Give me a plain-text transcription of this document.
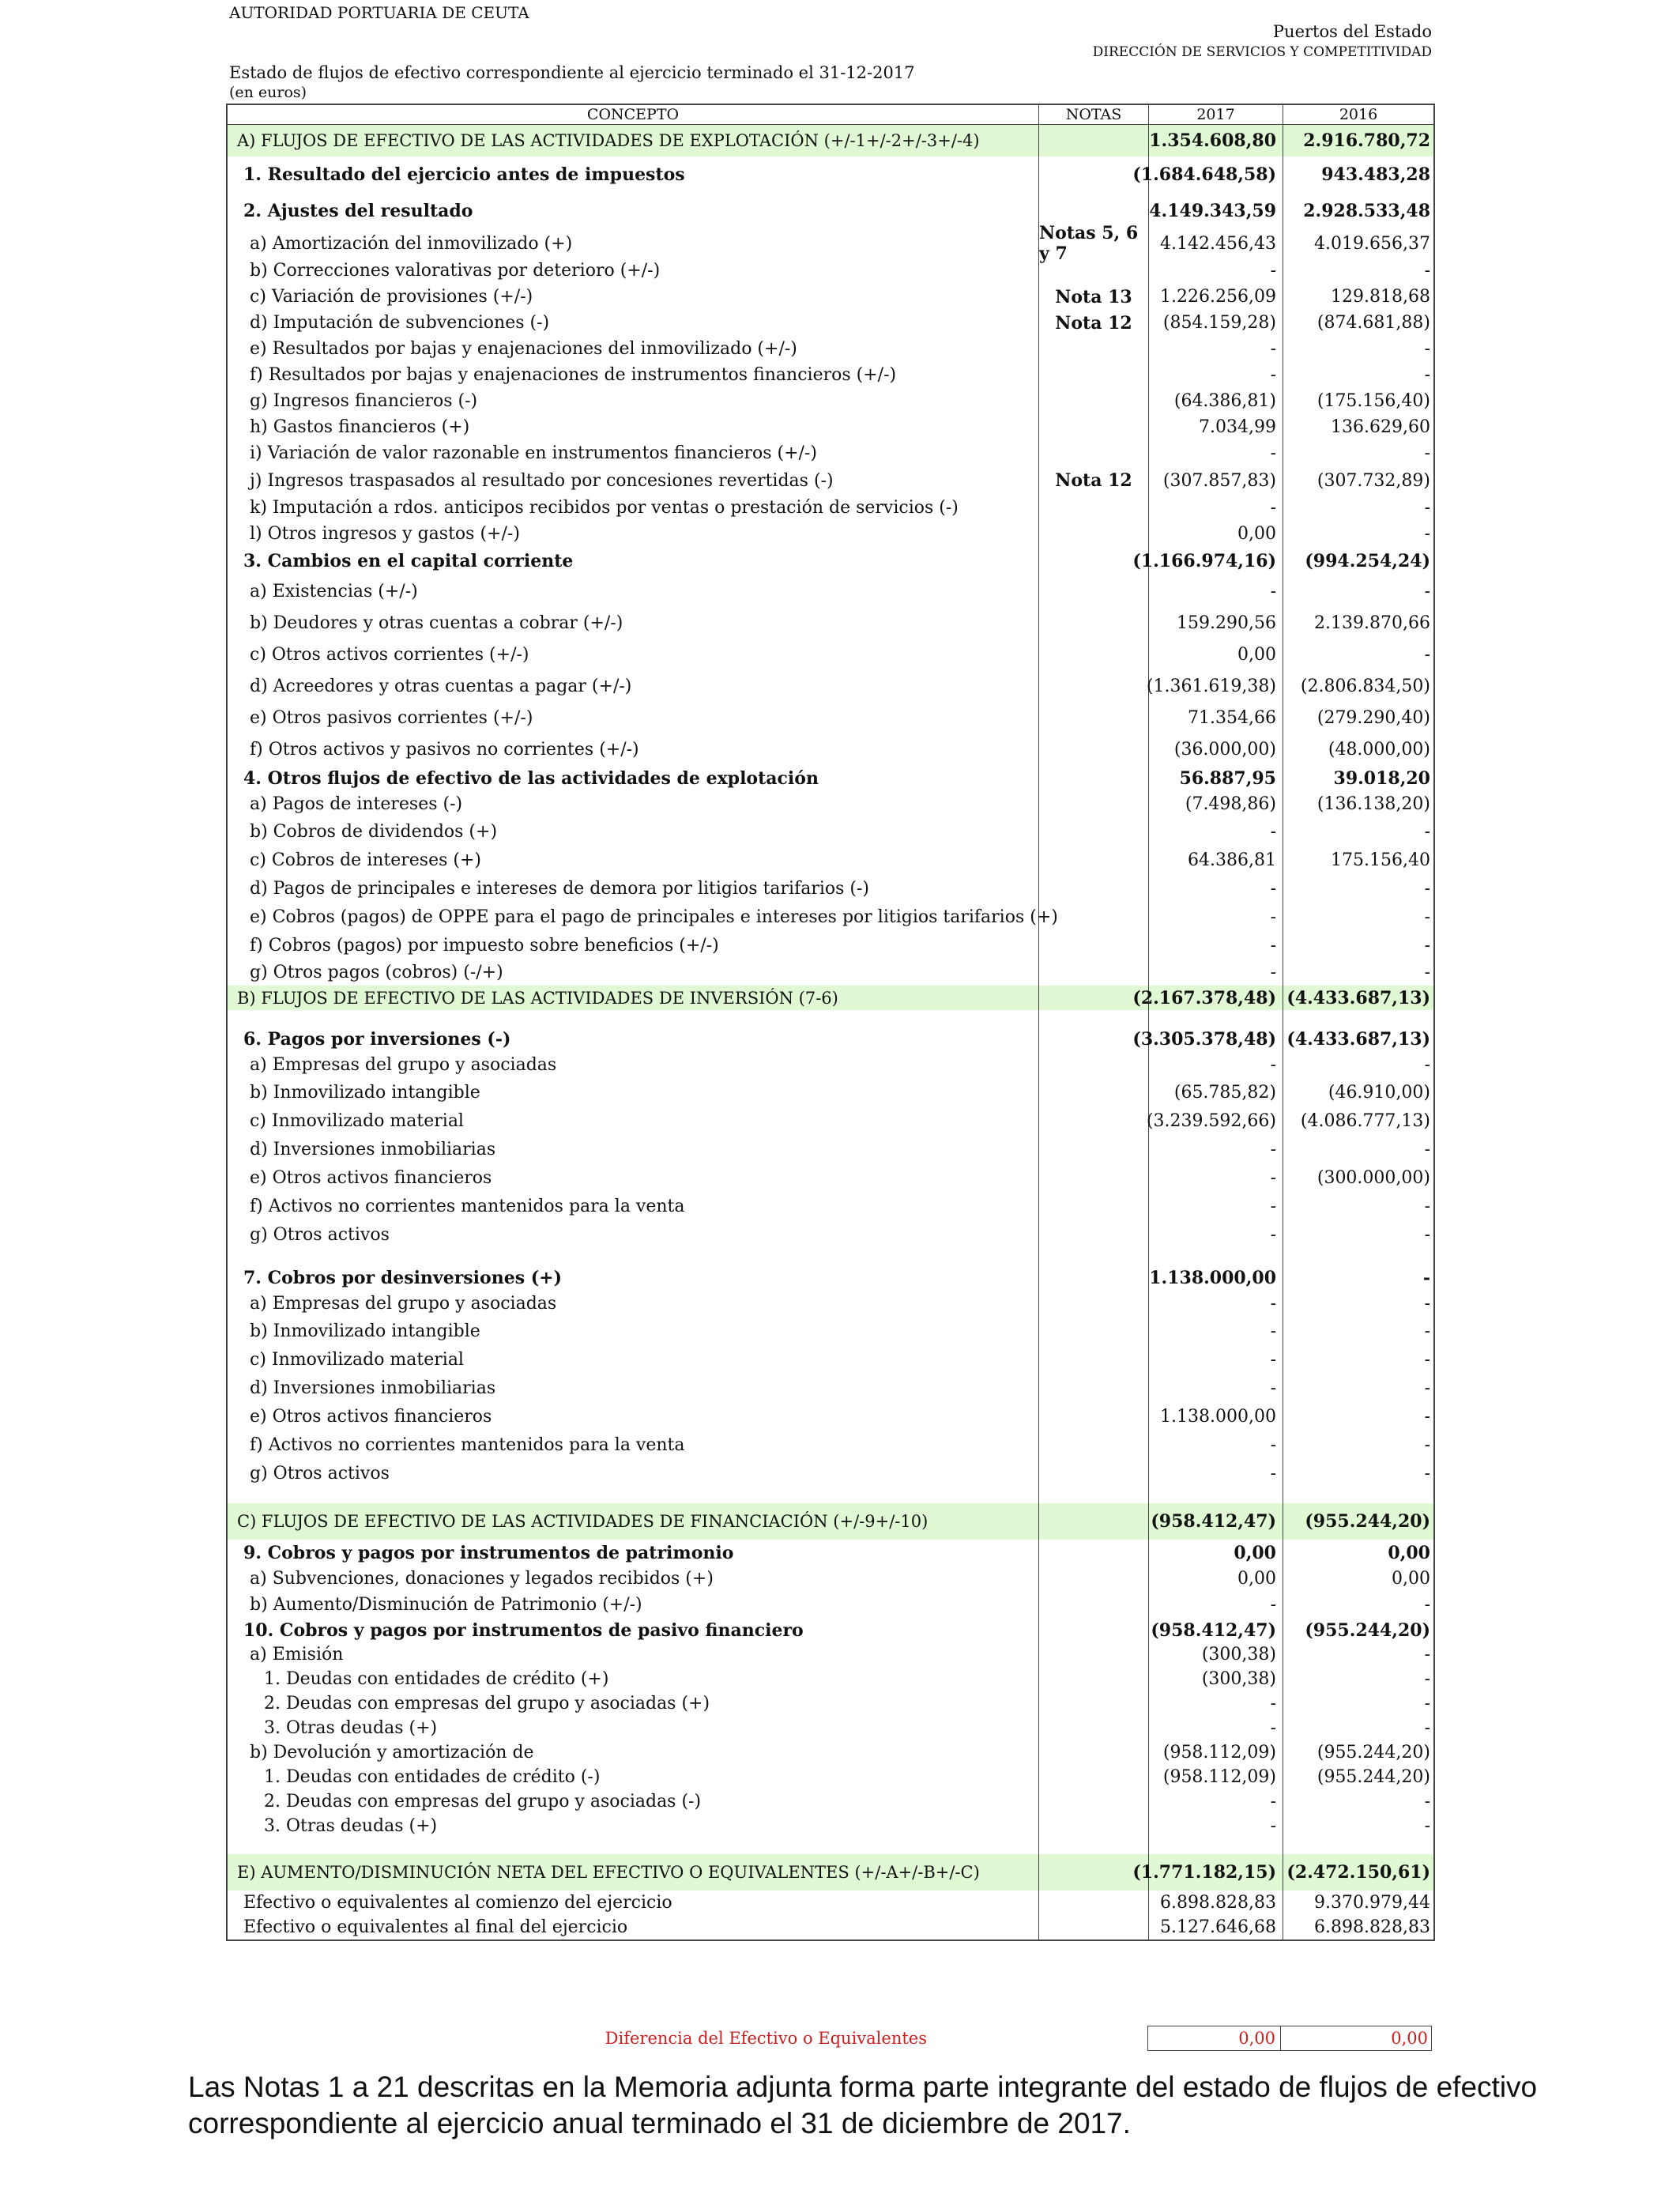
AUTORIDAD PORTUARIA DE CEUTA
Puertos del Estado
DIRECCIÓN DE SERVICIOS Y COMPETITIVIDAD
Estado de flujos de efectivo correspondiente al ejercicio terminado el 31-12-2017
(en euros)
CONCEPTO	NOTAS	2017	2016
A) FLUJOS DE EFECTIVO DE LAS ACTIVIDADES DE EXPLOTACIÓN (+/-1+/-2+/-3+/-4)	1.354.608,80	2.916.780,72
1. Resultado del ejercicio antes de impuestos	(1.684.648,58)	943.483,28
2. Ajustes del resultado	4.149.343,59	2.928.533,48
a) Amortización del inmovilizado (+)	Notas 5, 6 y 7	4.142.456,43	4.019.656,37
b) Correcciones valorativas por deterioro (+/-)	-	-
c) Variación de provisiones (+/-)	Nota 13	1.226.256,09	129.818,68
d) Imputación de subvenciones (-)	Nota 12	(854.159,28)	(874.681,88)
e) Resultados por bajas y enajenaciones del inmovilizado (+/-)	-	-
f) Resultados por bajas y enajenaciones de instrumentos financieros (+/-)	-	-
g) Ingresos financieros (-)	(64.386,81)	(175.156,40)
h) Gastos financieros (+)	7.034,99	136.629,60
i) Variación de valor razonable en instrumentos financieros (+/-)	-	-
j) Ingresos traspasados al resultado por concesiones revertidas (-)	Nota 12	(307.857,83)	(307.732,89)
k) Imputación a rdos. anticipos recibidos por ventas o prestación de servicios (-)	-	-
l) Otros ingresos y gastos (+/-)	0,00	-
3. Cambios en el capital corriente	(1.166.974,16)	(994.254,24)
a) Existencias (+/-)	-	-
b) Deudores y otras cuentas a cobrar (+/-)	159.290,56	2.139.870,66
c) Otros activos corrientes (+/-)	0,00	-
d) Acreedores y otras cuentas a pagar (+/-)	(1.361.619,38)	(2.806.834,50)
e) Otros pasivos corrientes (+/-)	71.354,66	(279.290,40)
f) Otros activos y pasivos no corrientes (+/-)	(36.000,00)	(48.000,00)
4. Otros flujos de efectivo de las actividades de explotación	56.887,95	39.018,20
a) Pagos de intereses (-)	(7.498,86)	(136.138,20)
b) Cobros de dividendos (+)	-	-
c) Cobros de intereses (+)	64.386,81	175.156,40
d) Pagos de principales e intereses de demora por litigios tarifarios (-)	-	-
e) Cobros (pagos) de OPPE para el pago de principales e intereses por litigios tarifarios (+)	-	-
f) Cobros (pagos) por impuesto sobre beneficios (+/-)	-	-
g) Otros pagos (cobros) (-/+)	-	-
B) FLUJOS DE EFECTIVO DE LAS ACTIVIDADES DE INVERSIÓN (7-6)	(2.167.378,48) (4.433.687,13)
6. Pagos por inversiones (-)	(3.305.378,48) (4.433.687,13)
a) Empresas del grupo y asociadas	-	-
b) Inmovilizado intangible	(65.785,82)	(46.910,00)
c) Inmovilizado material	(3.239.592,66)	(4.086.777,13)
d) Inversiones inmobiliarias	-	-
e) Otros activos financieros	-	(300.000,00)
f) Activos no corrientes mantenidos para la venta	-	-
g) Otros activos	-	-
7. Cobros por desinversiones (+)	1.138.000,00	-
a) Empresas del grupo y asociadas	-	-
b) Inmovilizado intangible	-	-
c) Inmovilizado material	-	-
d) Inversiones inmobiliarias	-	-
e) Otros activos financieros	1.138.000,00	-
f) Activos no corrientes mantenidos para la venta	-	-
g) Otros activos	-	-
C) FLUJOS DE EFECTIVO DE LAS ACTIVIDADES DE FINANCIACIÓN (+/-9+/-10)	(958.412,47)	(955.244,20)
9. Cobros y pagos por instrumentos de patrimonio	0,00	0,00
a) Subvenciones, donaciones y legados recibidos (+)	0,00	0,00
b) Aumento/Disminución de Patrimonio (+/-)	-	-
10. Cobros y pagos por instrumentos de pasivo financiero	(958.412,47)	(955.244,20)
a) Emisión	(300,38)	-
1. Deudas con entidades de crédito (+)	(300,38)	-
2. Deudas con empresas del grupo y asociadas (+)	-	-
3. Otras deudas (+)	-	-
b) Devolución y amortización de	(958.112,09)	(955.244,20)
1. Deudas con entidades de crédito (-)	(958.112,09)	(955.244,20)
2. Deudas con empresas del grupo y asociadas (-)	-	-
3. Otras deudas (+)	-	-
E) AUMENTO/DISMINUCIÓN NETA DEL EFECTIVO O EQUIVALENTES (+/-A+/-B+/-C)	(1.771.182,15) (2.472.150,61)
Efectivo o equivalentes al comienzo del ejercicio	6.898.828,83	9.370.979,44
Efectivo o equivalentes al final del ejercicio	5.127.646,68	6.898.828,83
Diferencia del Efectivo o Equivalentes	0,00	0,00
Las Notas 1 a 21 descritas en la Memoria adjunta forma parte integrante del estado de flujos de efectivo correspondiente al ejercicio anual terminado el 31 de diciembre de 2017.
